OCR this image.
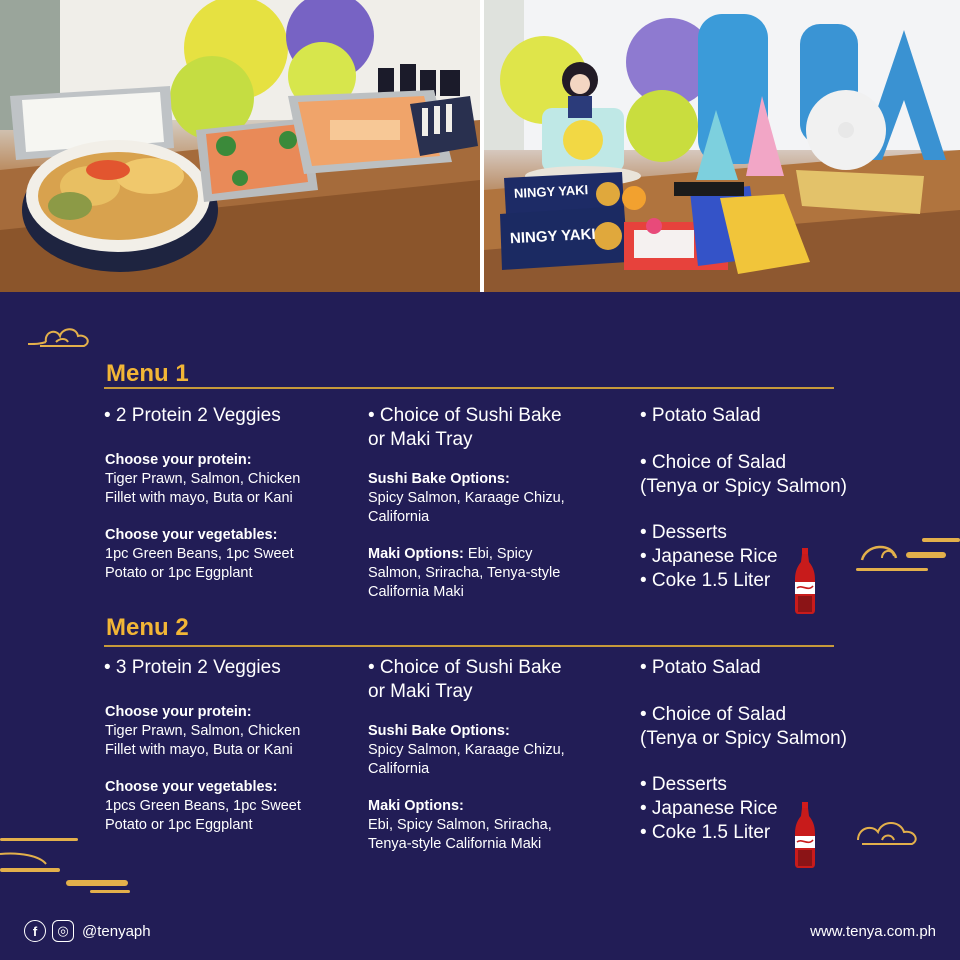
NINGY YAKI
NINGY YAKI
Menu 1
• 2 Protein 2 Veggies
Choose your protein:
Tiger Prawn, Salmon, Chicken
Fillet with mayo, Buta or Kani
Choose your vegetables:
1pc Green Beans, 1pc Sweet
Potato or 1pc Eggplant
• Choice of Sushi Bake
or Maki Tray
Sushi Bake Options:
Spicy Salmon, Karaage Chizu,
California
Maki Options: Ebi, Spicy
Salmon, Sriracha, Tenya-style
California Maki
• Potato Salad
• Choice of Salad
(Tenya or Spicy Salmon)
• Desserts
• Japanese Rice
• Coke 1.5 Liter
Menu 2
• 3 Protein 2 Veggies
Choose your protein:
Tiger Prawn, Salmon, Chicken
Fillet with mayo, Buta or Kani
Choose your vegetables:
1pcs Green Beans, 1pc Sweet
Potato or 1pc Eggplant
• Choice of Sushi Bake
or Maki Tray
Sushi Bake Options:
Spicy Salmon, Karaage Chizu,
California
Maki Options:
Ebi, Spicy Salmon, Sriracha,
Tenya-style California Maki
• Potato Salad
• Choice of Salad
(Tenya or Spicy Salmon)
• Desserts
• Japanese Rice
• Coke 1.5 Liter
f	◎ @tenyaph	www.tenya.com.ph
